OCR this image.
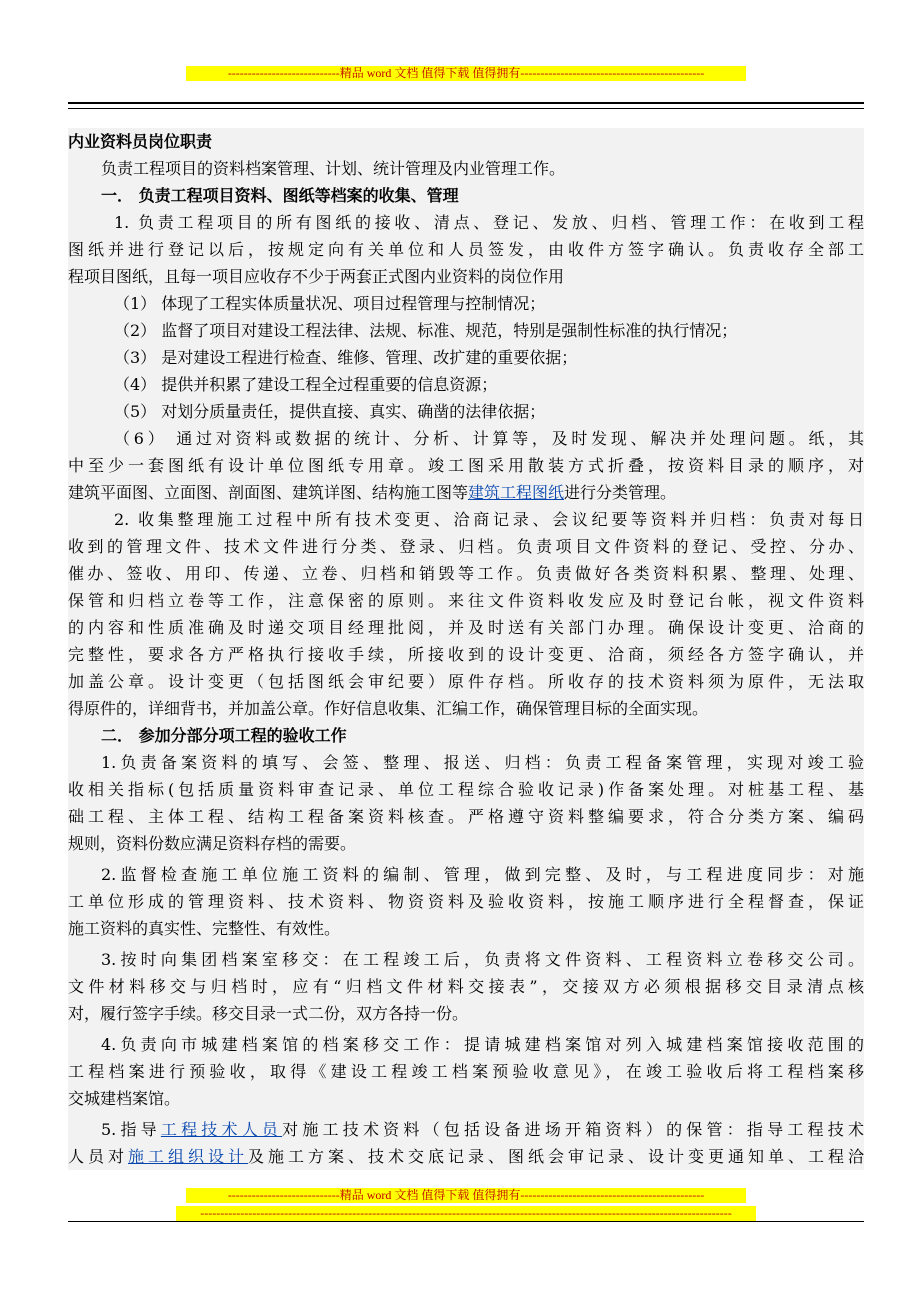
----------------------------精品 word 文档 值得下载 值得拥有----------------------------------------------
内业资料员岗位职责
负责工程项目的资料档案管理、计划、统计管理及内业管理工作。
一． 负责工程项目资料、图纸等档案的收集、管理
1. 负责工程项目的所有图纸的接收、清点、登记、发放、归档、管理工作：在收到工程
图纸并进行登记以后，按规定向有关单位和人员签发，由收件方签字确认。负责收存全部工
程项目图纸，且每一项目应收存不少于两套正式图内业资料的岗位作用
（1） 体现了工程实体质量状况、项目过程管理与控制情况；
（2） 监督了项目对建设工程法律、法规、标准、规范，特别是强制性标准的执行情况；
（3） 是对建设工程进行检查、维修、管理、改扩建的重要依据；
（4） 提供并积累了建设工程全过程重要的信息资源；
（5） 对划分质量责任，提供直接、真实、确凿的法律依据；
（6） 通过对资料或数据的统计、分析、计算等，及时发现、解决并处理问题。纸，其
中至少一套图纸有设计单位图纸专用章。竣工图采用散装方式折叠，按资料目录的顺序，对
建筑平面图、立面图、剖面图、建筑详图、结构施工图等建筑工程图纸进行分类管理。
2. 收集整理施工过程中所有技术变更、洽商记录、会议纪要等资料并归档：负责对每日
收到的管理文件、技术文件进行分类、登录、归档。负责项目文件资料的登记、受控、分办、
催办、签收、用印、传递、立卷、归档和销毁等工作。负责做好各类资料积累、整理、处理、
保管和归档立卷等工作，注意保密的原则。来往文件资料收发应及时登记台帐，视文件资料
的内容和性质准确及时递交项目经理批阅，并及时送有关部门办理。确保设计变更、洽商的
完整性，要求各方严格执行接收手续，所接收到的设计变更、洽商，须经各方签字确认，并
加盖公章。设计变更（包括图纸会审纪要）原件存档。所收存的技术资料须为原件，无法取
得原件的，详细背书，并加盖公章。作好信息收集、汇编工作，确保管理目标的全面实现。
二． 参加分部分项工程的验收工作
1.负责备案资料的填写、会签、整理、报送、归档：负责工程备案管理，实现对竣工验
收相关指标(包括质量资料审查记录、单位工程综合验收记录)作备案处理。对桩基工程、基
础工程、主体工程、结构工程备案资料核查。严格遵守资料整编要求，符合分类方案、编码
规则，资料份数应满足资料存档的需要。
2.监督检查施工单位施工资料的编制、管理，做到完整、及时，与工程进度同步：对施
工单位形成的管理资料、技术资料、物资资料及验收资料，按施工顺序进行全程督查，保证
施工资料的真实性、完整性、有效性。
3.按时向集团档案室移交：在工程竣工后，负责将文件资料、工程资料立卷移交公司。
文件材料移交与归档时，应有“归档文件材料交接表”，交接双方必须根据移交目录清点核
对，履行签字手续。移交目录一式二份，双方各持一份。
4.负责向市城建档案馆的档案移交工作：提请城建档案馆对列入城建档案馆接收范围的
工程档案进行预验收，取得《建设工程竣工档案预验收意见》，在竣工验收后将工程档案移
交城建档案馆。
5.指导工程技术人员对施工技术资料（包括设备进场开箱资料）的保管：指导工程技术
人员对施工组织设计及施工方案、技术交底记录、图纸会审记录、设计变更通知单、工程洽
----------------------------精品 word 文档 值得下载 值得拥有----------------------------------------------
-------------------------------------------------------------------------------------------------------------------------------------
